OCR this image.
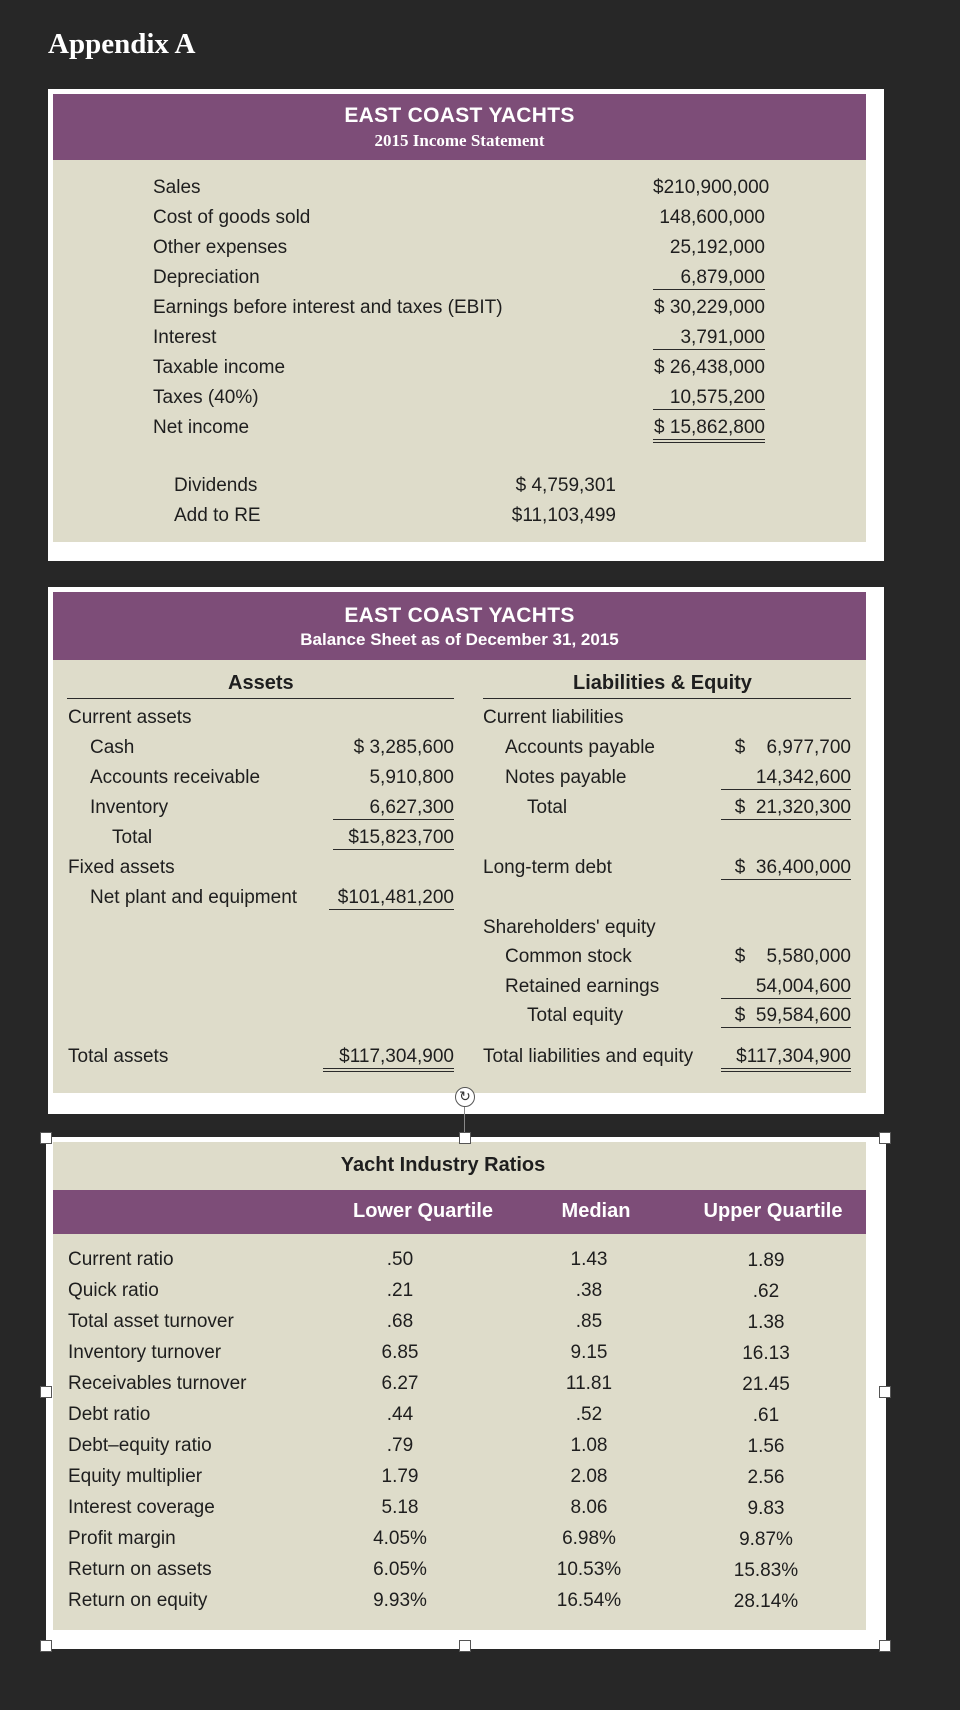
Appendix A
EAST COAST YACHTS
2015 Income Statement
Sales	$210,900,000
Cost of goods sold	148,600,000
Other expenses	25,192,000
Depreciation	6,879,000
Earnings before interest and taxes (EBIT)	$ 30,229,000
Interest	3,791,000
Taxable income	$ 26,438,000
Taxes (40%)	10,575,200
Net income	$ 15,862,800
Dividends	$ 4,759,301
Add to RE	$11,103,499
EAST COAST YACHTS
Balance Sheet as of December 31, 2015
Assets	Liabilities & Equity
Current assets
Cash	$ 3,285,600
Accounts receivable	5,910,800
Inventory	6,627,300
Total	$15,823,700
Fixed assets
Net plant and equipment	$101,481,200
Total assets	$117,304,900
Current liabilities
Accounts payable	$    6,977,700
Notes payable	14,342,600
Total	$  21,320,300
Long-term debt	$  36,400,000
Shareholders' equity
Common stock	$    5,580,000
Retained earnings	54,004,600
Total equity	$  59,584,600
Total liabilities and equity	$117,304,900
Yacht Industry Ratios
Lower Quartile	Median	Upper Quartile
Current ratio	.50	1.43	1.89
Quick ratio	.21	.38	.62
Total asset turnover	.68	.85	1.38
Inventory turnover	6.85	9.15	16.13
Receivables turnover	6.27	11.81	21.45
Debt ratio	.44	.52	.61
Debt–equity ratio	.79	1.08	1.56
Equity multiplier	1.79	2.08	2.56
Interest coverage	5.18	8.06	9.83
Profit margin	4.05%	6.98%	9.87%
Return on assets	6.05%	10.53%	15.83%
Return on equity	9.93%	16.54%	28.14%
↻
